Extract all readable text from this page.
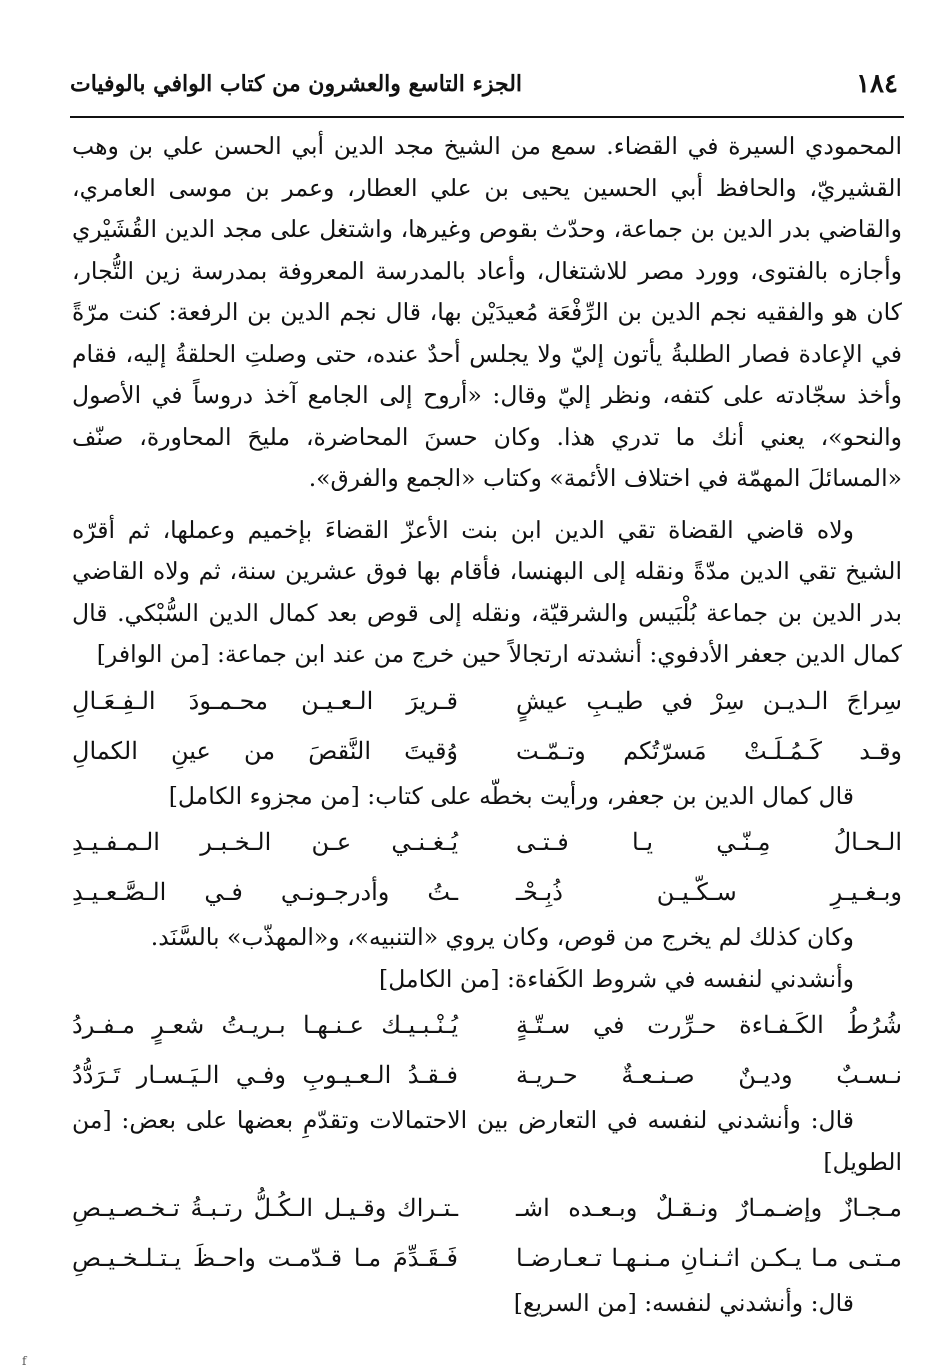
١٨٤
الجزء التاسع والعشرون من كتاب الوافي بالوفيات

المحمودي السيرة في القضاء. سمع من الشيخ مجد الدين أبي الحسن علي بن وهب القشيريّ، والحافظ أبي الحسين يحيى بن علي العطار، وعمر بن موسى العامري، والقاضي بدر الدين بن جماعة، وحدّث بقوص وغيرها، واشتغل على مجد الدين القُشَيْري وأجازه بالفتوى، وورد مصر للاشتغال، وأعاد بالمدرسة المعروفة بمدرسة زين التُّجار، كان هو والفقيه نجم الدين بن الرِّفْعَة مُعيدَيْن بها، قال نجم الدين بن الرفعة: كنت مرّةً في الإعادة فصار الطلبةُ يأتون إليّ ولا يجلس أحدٌ عنده، حتى وصلتِ الحلقةُ إليه، فقام وأخذ سجّادته على كتفه، ونظر إليّ وقال: «أروح إلى الجامع آخذ دروساً في الأصول والنحو»، يعني أنك ما تدري هذا. وكان حسنَ المحاضرة، مليحَ المحاورة، صنّف «المسائلَ المهمّة في اختلاف الأئمة» وكتاب «الجمع والفرق».

ولاه قاضي القضاة تقي الدين ابن بنت الأعزّ القضاءَ بإخميم وعملها، ثم أقرّه الشيخ تقي الدين مدّةً ونقله إلى البهنسا، فأقام بها فوق عشرين سنة، ثم ولاه القاضي بدر الدين بن جماعة بُلْبَيس والشرقيّة، ونقله إلى قوص بعد كمال الدين السُّبْكي. قال كمال الدين جعفر الأدفوي: أنشدته ارتجالاً حين خرج من عند ابن جماعة: [من الوافر]

سِراجَ الـديـن سِرْ في طيـبِ عيشٍ
قـريرَ الـعـيـن محـمـودَ الـفِـعَـالِ
وقـد كَـمُـلَـتْ مَسرّتُكم وتـمّـت
وُقيتَ النَّقصَ من عينِ الكمالِ

قال كمال الدين بن جعفر، ورأيت بخطّه على كتاب: [من مجزوء الكامل]

الـحـالُ مِـنّـي يـا فـتـى
يُـغـنـي عـن الـخـبـر الـمـفـيـدِ
وبـغـيـرِ سـكّـيـن ذُبِـحْـ
ـتُ وأدرجـونـي فـي الـصَّـعـيـدِ

وكان كذلك لم يخرج من قوص، وكان يروي «التنبيه»، و«المهذّب» بالسَّنَد.

وأنشدني لنفسه في شروط الكَفاءة: [من الكامل]

شُرُطُ الكَـفـاءة حـرِّرت في سـتّـةٍ
يُـنْـبـيـك عـنـهـا بـريـتُ شعـرٍ مـفـردُ
نـسـبٌ وديـنٌ صـنـعـةٌ حـريـة
فـقـدُ الـعـيـوبِ وفـي الـيَـسـار تَـرَدُّدُ

قال: وأنشدني لنفسه في التعارض بين الاحتمالات وتقدّمِ بعضها على بعض: [من الطويل]

مـجـازٌ وإضـمـارٌ ونـقـلٌ وبـعـده اشـ
ـتـراك وقـيـل الـكُـلُّ رتـبـةُ تـخـصـيـصِ
مـتـى مـا يـكـن اثـنـانِ مـنـهـا تـعـارضـا
فَـقَـدِّمَ مـا قـدّمـت واحـظَ يـتـلـخـيـصِ

قال: وأنشدني لنفسه: [من السريع]

f
